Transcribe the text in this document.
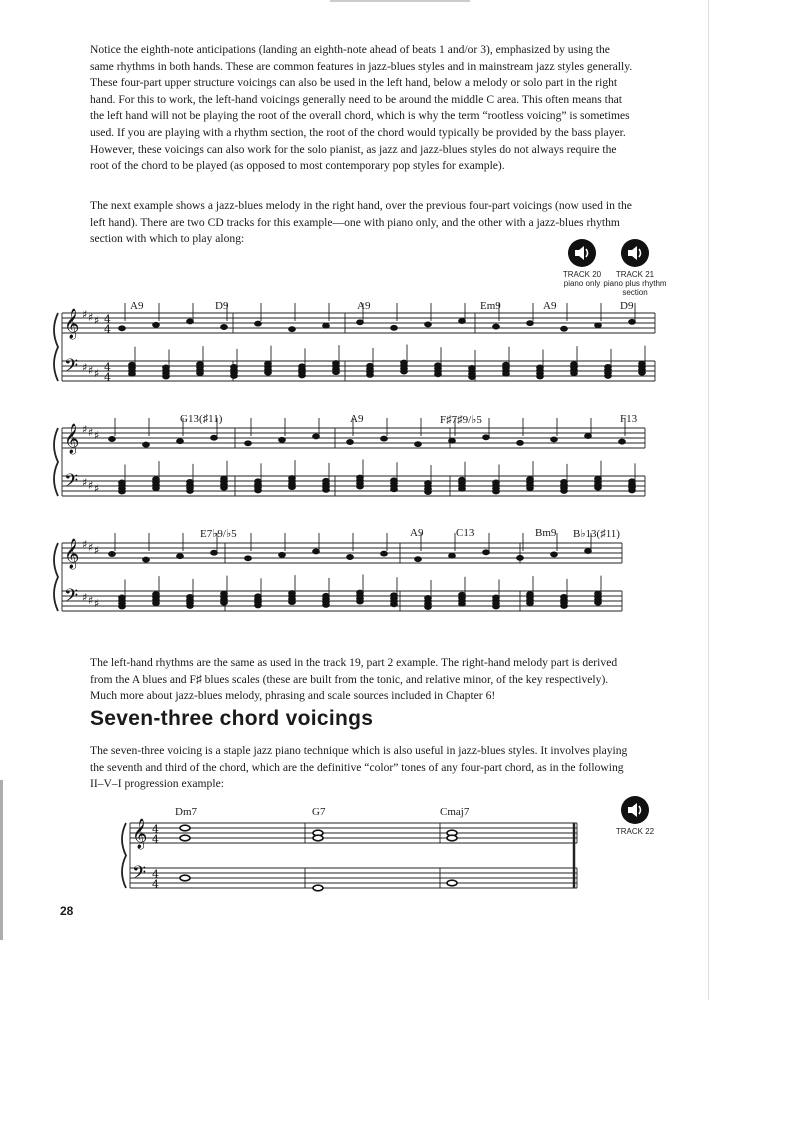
Notice the eighth-note anticipations (landing an eighth-note ahead of beats 1 and/or 3), emphasized by using the same rhythms in both hands. These are common features in jazz-blues styles and in mainstream jazz styles generally. These four-part upper structure voicings can also be used in the left hand, below a melody or solo part in the right hand. For this to work, the left-hand voicings generally need to be around the middle C area. This often means that the left hand will not be playing the root of the overall chord, which is why the term “rootless voicing” is sometimes used. If you are playing with a rhythm section, the root of the chord would typically be provided by the bass player. However, these voicings can also work for the solo pianist, as jazz and jazz-blues styles do not always require the root of the chord to be played (as opposed to most contemporary pop styles for example).

The next example shows a jazz-blues melody in the right hand, over the previous four-part voicings (now used in the left hand). There are two CD tracks for this example—one with piano only, and the other with a jazz-blues rhythm section with which to play along:

TRACK 20
piano only
TRACK 21
piano plus rhythm section
TRACK 22
A9	D9	A9	Em9	A9	D9
G13(♯11)	A9	F♯7♯9/♭5	F13
E7♭9/♭5	A9	C13	Bm9 B♭13(♯11)
Dm7	G7	Cmaj7
𝄞
𝄢
♯
♯
♯
♯
♯
♯
4
4
4
4
𝄞
𝄢
♯
♯
♯
♯
♯
♯
𝄞
𝄢
♯
♯
♯
♯
♯
♯
𝄞
𝄢
4
4
4
4
Seven-three chord voicings

The left-hand rhythms are the same as used in the track 19, part 2 example. The right-hand melody part is derived from the A blues and F♯ blues scales (these are built from the tonic, and relative minor, of the key respectively). Much more about jazz-blues melody, phrasing and scale sources included in Chapter 6!

The seven-three voicing is a staple jazz piano technique which is also useful in jazz-blues styles. It involves playing the seventh and third of the chord, which are the definitive “color” tones of any four-part chord, as in the following II–V–I progression example:

28
